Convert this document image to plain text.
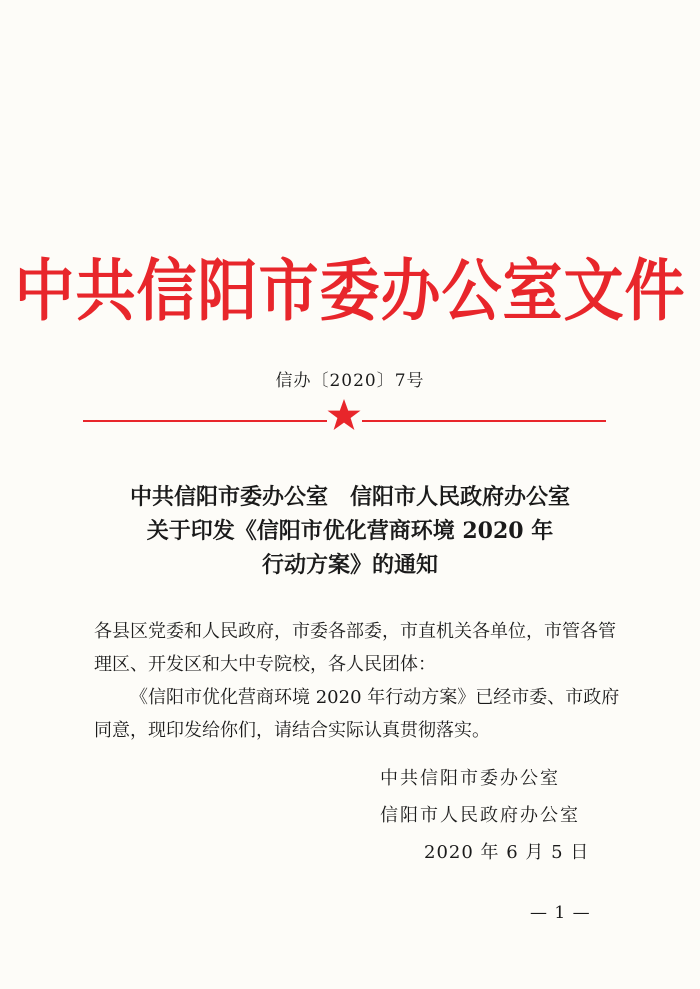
中共信阳市委办公室文件
信办〔2020〕7号
中共信阳市委办公室　信阳市人民政府办公室
关于印发《信阳市优化营商环境 2020 年
行动方案》的通知

各县区党委和人民政府，市委各部委，市直机关各单位，市管各管理区、开发区和大中专院校，各人民团体：

《信阳市优化营商环境 2020 年行动方案》已经市委、市政府同意，现印发给你们，请结合实际认真贯彻落实。

中共信阳市委办公室
信阳市人民政府办公室
2020 年 6 月 5 日
— 1 —
